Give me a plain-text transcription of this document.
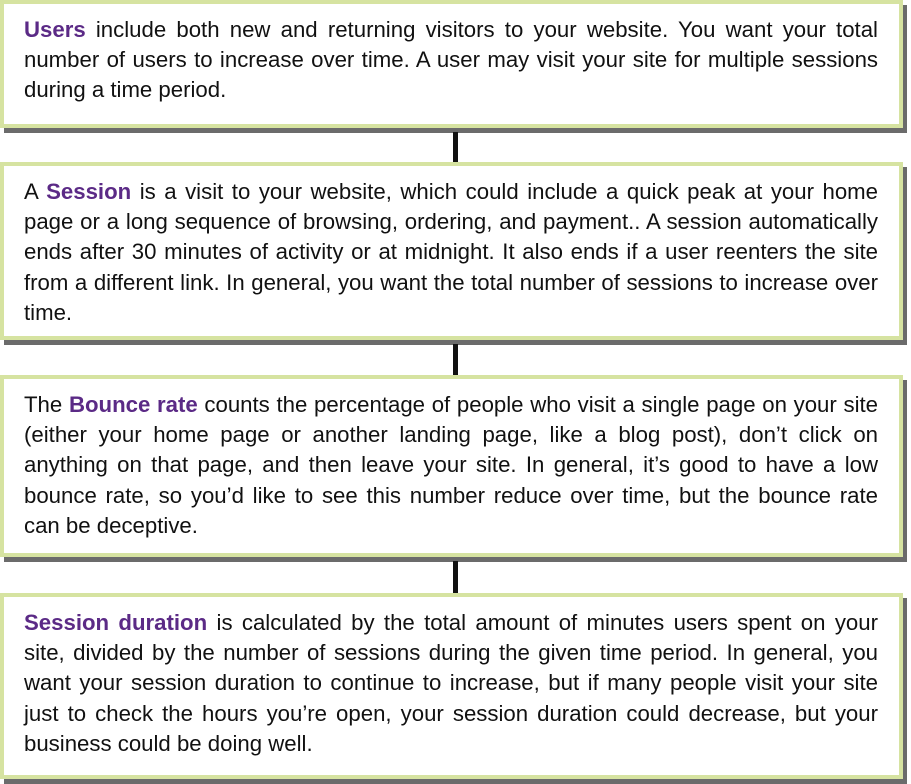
Users include both new and returning visitors to your website. You want your total number of users to increase over time. A user may visit your site for multiple sessions during a time period.
A Session is a visit to your website, which could include a quick peak at your home page or a long sequence of browsing, ordering, and payment.. A session automatically ends after 30 minutes of activity or at midnight. It also ends if a user reenters the site from a different link. In general, you want the total number of sessions to increase over time.
The Bounce rate counts the percentage of people who visit a single page on your site (either your home page or another landing page, like a blog post), don’t click on anything on that page, and then leave your site. In general, it’s good to have a low bounce rate, so you’d like to see this number reduce over time, but the bounce rate can be deceptive.
Session duration is calculated by the total amount of minutes users spent on your site, divided by the number of sessions during the given time period. In general, you want your session duration to continue to increase, but if many people visit your site just to check the hours you’re open, your session duration could decrease, but your business could be doing well.
